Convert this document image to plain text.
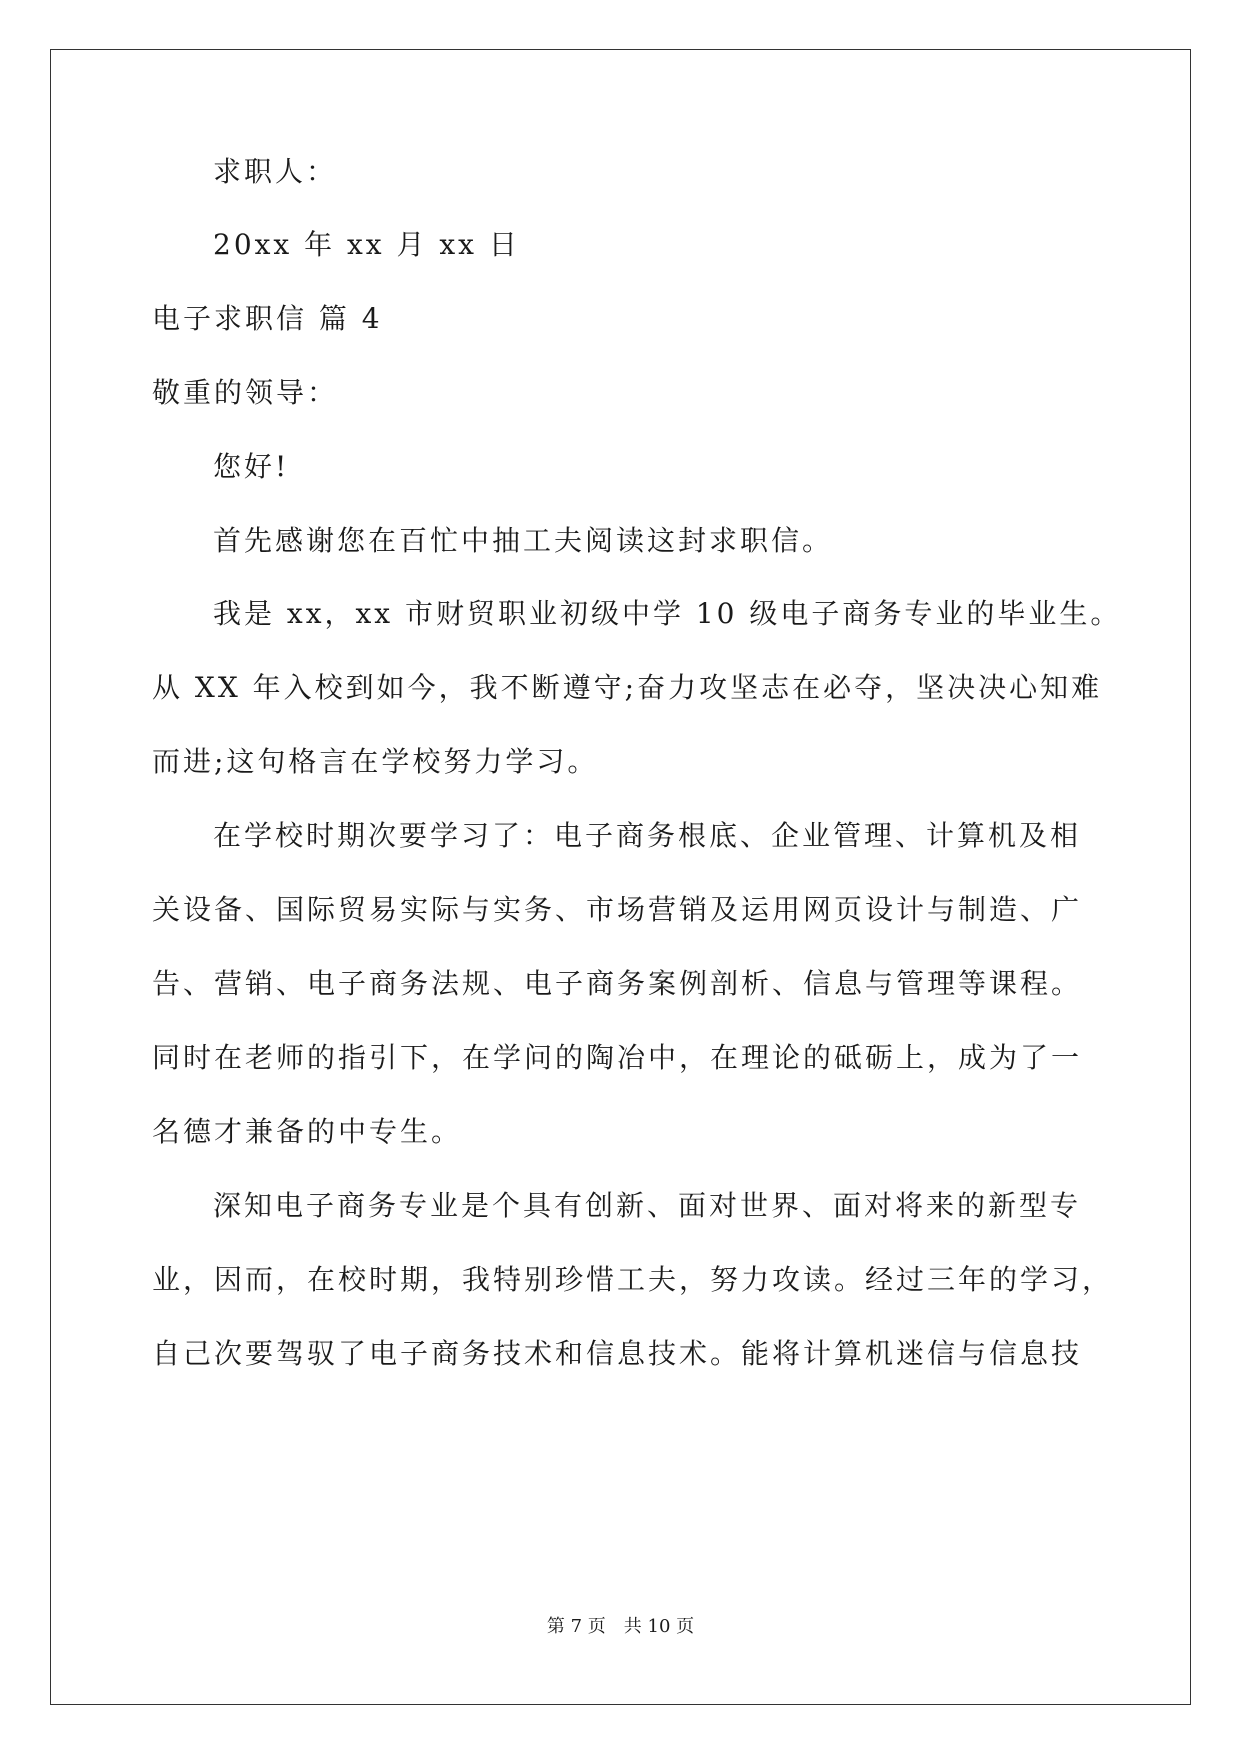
求职人：
20xx 年 xx 月 xx 日
电子求职信 篇 4
敬重的领导：
您好!
首先感谢您在百忙中抽工夫阅读这封求职信。
我是 xx，xx 市财贸职业初级中学 10 级电子商务专业的毕业生。
从 XX 年入校到如今，我不断遵守;奋力攻坚志在必夺，坚决决心知难
而进;这句格言在学校努力学习。
在学校时期次要学习了：电子商务根底、企业管理、计算机及相
关设备、国际贸易实际与实务、市场营销及运用网页设计与制造、广
告、营销、电子商务法规、电子商务案例剖析、信息与管理等课程。
同时在老师的指引下，在学问的陶冶中，在理论的砥砺上，成为了一
名德才兼备的中专生。
深知电子商务专业是个具有创新、面对世界、面对将来的新型专
业，因而，在校时期，我特别珍惜工夫，努力攻读。经过三年的学习，
自己次要驾驭了电子商务技术和信息技术。能将计算机迷信与信息技
第 7 页　共 10 页
